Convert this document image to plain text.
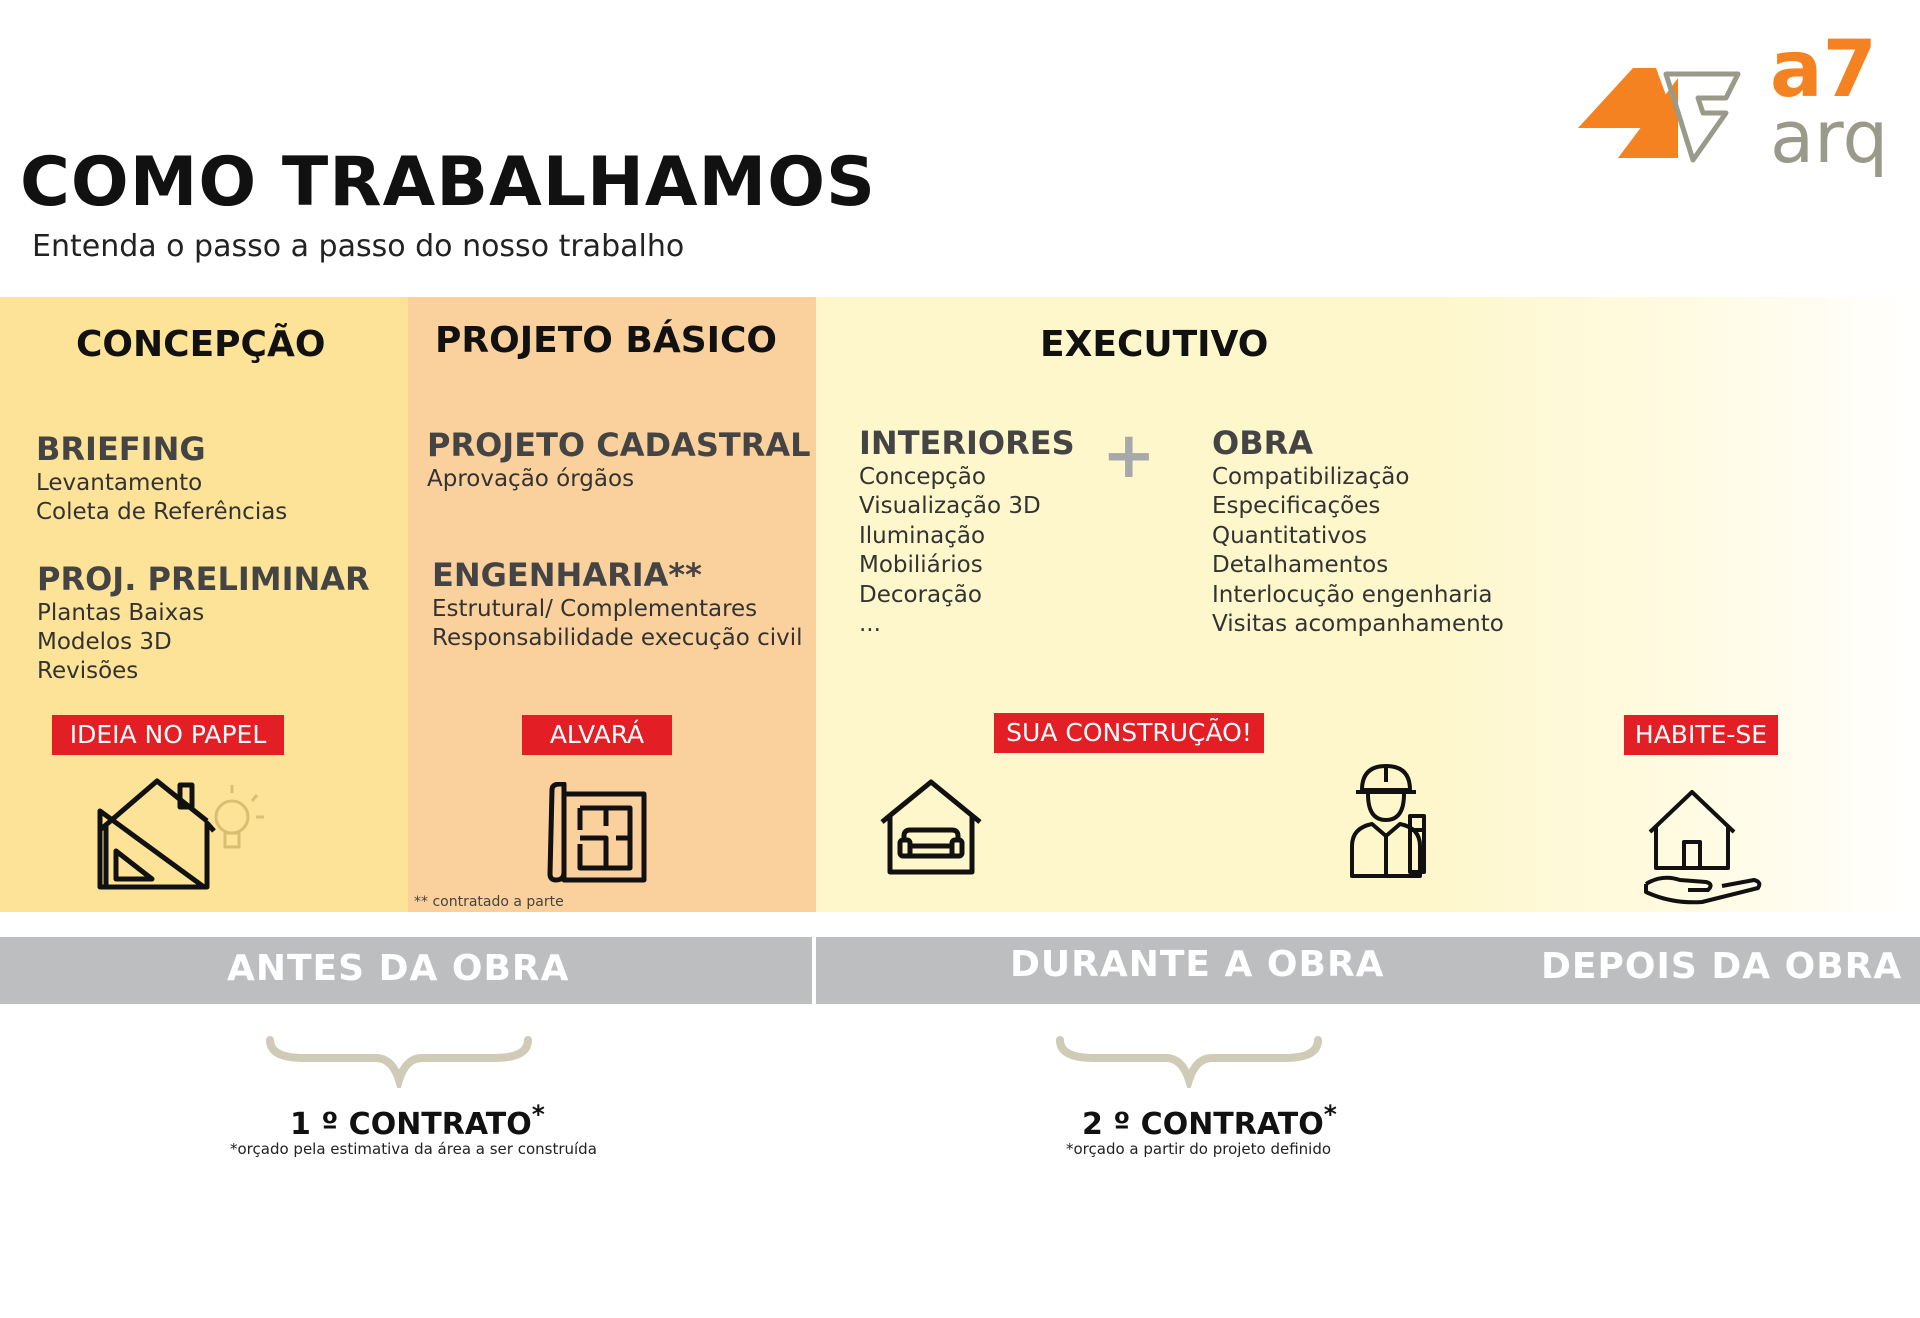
COMO TRABALHAMOS
Entenda o passo a passo do nosso trabalho
a7
arq
CONCEPÇÃO
BRIEFING
Levantamento
Coleta de Referências
PROJ. PRELIMINAR
Plantas Baixas
Modelos 3D
Revisões
IDEIA NO PAPEL
PROJETO BÁSICO
PROJETO CADASTRAL
Aprovação órgãos
ENGENHARIA**
Estrutural/ Complementares
Responsabilidade execução civil
ALVARÁ
** contratado a parte
EXECUTIVO
INTERIORES
Concepção
Visualização 3D
Iluminação
Mobiliários
Decoração
...
+ OBRA
Compatibilização
Especificações
Quantitativos
Detalhamentos
Interlocução engenharia
Visitas acompanhamento
SUA CONSTRUÇÃO!	HABITE-SE
ANTES DA OBRA	DURANTE A OBRA	DEPOIS DA OBRA
1 º CONTRATO*
*orçado pela estimativa da área a ser construída
2 º CONTRATO*
*orçado a partir do projeto definido
